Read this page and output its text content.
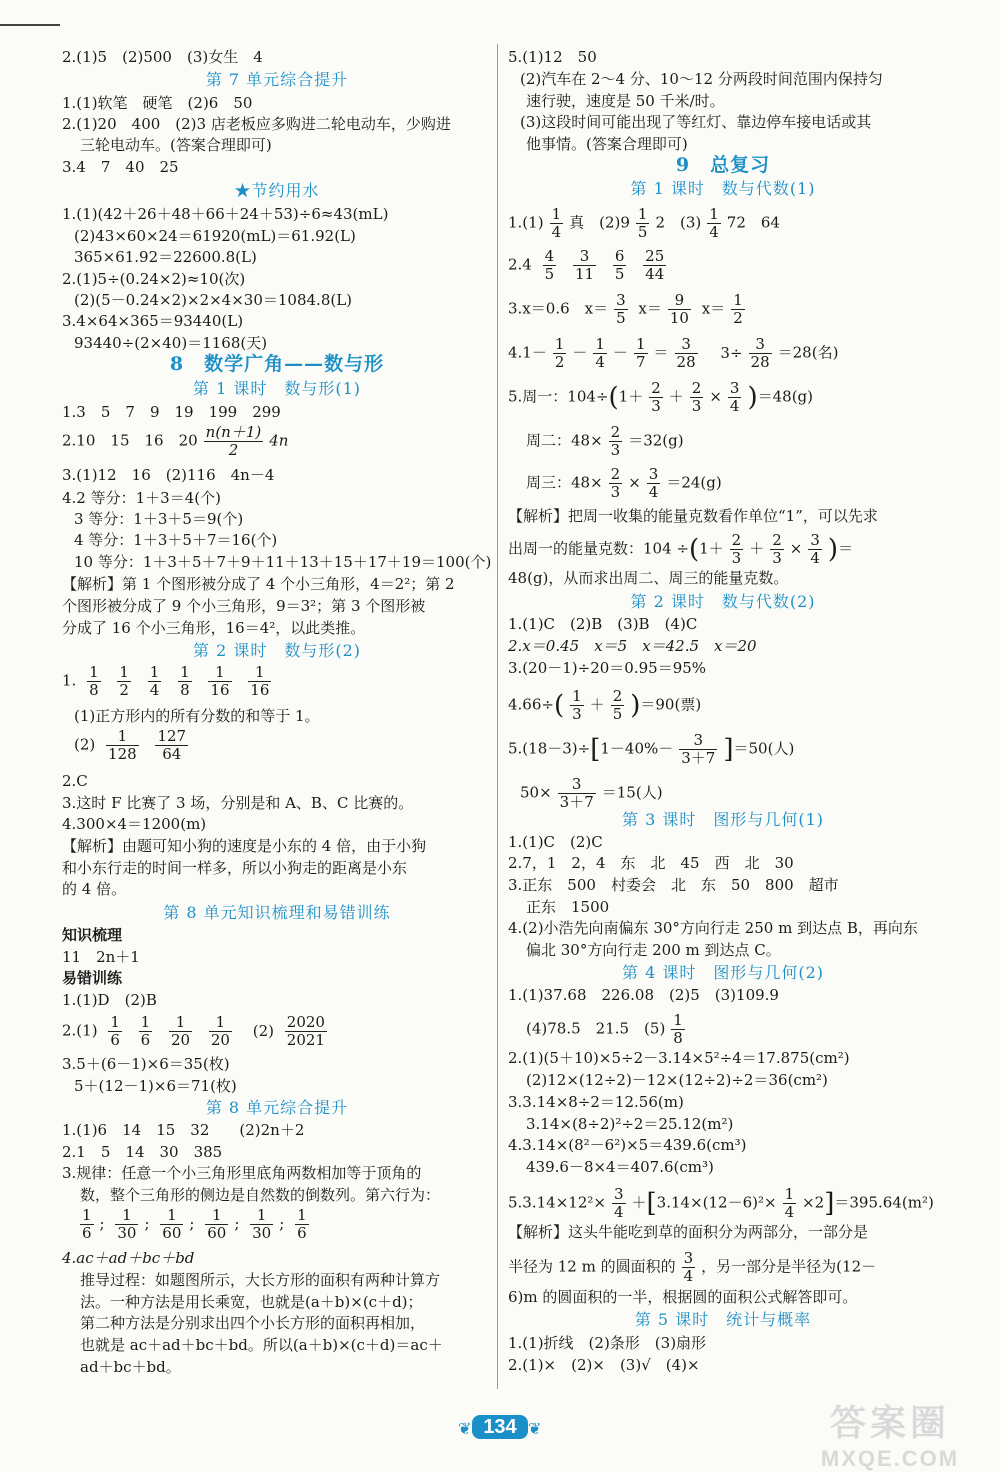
2.(1)5　(2)500　(3)女生　4
第 7 单元综合提升
1.(1)软笔　硬笔　(2)6　50
2.(1)20　400　(2)3 店老板应多购进二轮电动车，少购进
三轮电动车。(答案合理即可)
3.4　7　40　25
★节约用水
1.(1)(42＋26＋48＋66＋24＋53)÷6≈43(mL)
(2)43×60×24＝61920(mL)＝61.92(L)
365×61.92＝22600.8(L)
2.(1)5÷(0.24×2)≈10(次)
(2)(5－0.24×2)×2×4×30＝1084.8(L)
3.4×64×365＝93440(L)
93440÷(2×40)＝1168(天)
8　数学广角——数与形
第 1 课时　数与形(1)
1.3　5　7　9　19　199　299
2.10　15　16　$20 \frac{n(n+1)}{2} 4n$
3.(1)12　16　(2)116　4n－4
4.2 等分：1＋3＝4(个)
3 等分：1＋3＋5＝9(个)
4 等分：1＋3＋5＋7＝16(个)
10 等分：1＋3＋5＋7＋9＋11＋13＋15＋17＋19＝100(个)
【解析】第 1 个图形被分成了 4 个小三角形，4＝2²；第 2
个图形被分成了 9 个小三角形，9＝3²；第 3 个图形被
分成了 16 个小三角形，16＝4²，以此类推。
第 2 课时　数与形(2)
1. $\frac{1}{8}$
$\frac{1}{2}$
$\frac{1}{4}$
$\frac{1}{8}$
$\frac{1}{16}$
$\frac{1}{16}$
(1)正方形内的所有分数的和等于 1。
$(2) \frac{1}{128}$
$\frac{127}{64}$
2.C
3.这时 F 比赛了 3 场，分别是和 A、B、C 比赛的。
4.300×4＝1200(m)
【解析】由题可知小狗的速度是小东的 4 倍，由于小狗
和小东行走的时间一样多，所以小狗走的距离是小东
的 4 倍。
第 8 单元知识梳理和易错训练
知识梳理
11　2n＋1
易错训练
1.(1)D　(2)B
$2.(1) \frac{1}{6}$
$\frac{1}{6}$
$\frac{1}{20}$
$\frac{1}{20} (2) \frac{2020}{2021}$
3.5＋(6－1)×6＝35(枚)
5＋(12－1)×6＝71(枚)
第 8 单元综合提升
1.(1)6　14　15　32　　(2)2n＋2
2.1　5　14　30　385
3.规律：任意一个小三角形里底角两数相加等于顶角的
数，整个三角形的侧边是自然数的倒数列。第六行为：
$\frac{1}{6}$ ; $\frac{1}{30}$ ; $\frac{1}{60}$ ; $\frac{1}{60}$ ; $\frac{1}{30}$ ; $\frac{1}{6}$
4.ac＋ad＋bc＋bd
推导过程：如题图所示，大长方形的面积有两种计算方
法。一种方法是用长乘宽，也就是(a＋b)×(c＋d)；
第二种方法是分别求出四个小长方形的面积再相加，
也就是 ac＋ad＋bc＋bd。所以(a＋b)×(c＋d)＝ac＋
ad＋bc＋bd。
5.(1)12　50
(2)汽车在 2～4 分、10～12 分两段时间范围内保持匀
速行驶，速度是 50 千米/时。
(3)这段时间可能出现了等红灯、靠边停车接电话或其
他事情。(答案合理即可)
9　总复习
第 1 课时　数与代数(1)
$1.(1) \frac{1}{4}$ 真　$(2)9 \frac{1}{5} 2$　$(3) \frac{1}{4} 72$　64
$2.4 \frac{4}{5}$
$\frac{3}{11}$
$\frac{6}{5}$
$\frac{25}{44}$
3.x＝0.6　$x= \frac{3}{5} x= \frac{9}{10} x= \frac{1}{2}$
$4.1- \frac{1}{2} - \frac{1}{4} - \frac{1}{7} = \frac{3}{28} 3\div \frac{3}{28} =28$(名)
5.周一：$104\div(1+ \frac{2}{3} + \frac{2}{3} \times \frac{3}{4} )=48(g)$
周二：$48\times \frac{2}{3} =32(g)$
周三：$48\times \frac{2}{3} \times \frac{3}{4} =24(g)$
【解析】把周一收集的能量克数看作单位“1”，可以先求
出周一的能量克数：$104 \div(1+ \frac{2}{3} + \frac{2}{3} \times \frac{3}{4}$ )＝
48(g)，从而求出周二、周三的能量克数。
第 2 课时　数与代数(2)
1.(1)C　(2)B　(3)B　(4)C
2.x＝0.45　x＝5　x＝42.5　x＝20
3.(20－1)÷20＝0.95＝95%
$4.66\div( \frac{1}{3} + \frac{2}{5} )=90$(票)
$5.(18-3)\div[1-40\%- \frac{3}{3+7} ]=50$(人)
$50\times \frac{3}{3+7} =15$(人)
第 3 课时　图形与几何(1)
1.(1)C　(2)C
2.7，1　2，4　东　北　45　西　北　30
3.正东　500　村委会　北　东　50　800　超市
正东　1500
4.(2)小浩先向南偏东 30°方向行走 250 m 到达点 B，再向东
偏北 30°方向行走 200 m 到达点 C。
第 4 课时　图形与几何(2)
1.(1)37.68　226.08　(2)5　(3)109.9
(4)78.5　21.5　$(5) \frac{1}{8}$
2.(1)(5＋10)×5÷2－3.14×5²÷4＝17.875(cm²)
(2)12×(12÷2)－12×(12÷2)÷2＝36(cm²)
3.3.14×8÷2＝12.56(m)
3.14×(8÷2)²÷2＝25.12(m²)
4.3.14×(8²－6²)×5＝439.6(cm³)
439.6－8×4＝407.6(cm³)
$5.3.14\times 12^2\times \frac{3}{4} +[3.14\times(12-6)^2\times \frac{1}{4} \times 2]=395.64(m^2)$
【解析】这头牛能吃到草的面积分为两部分，一部分是
半径为 12 m 的圆面积的 $\frac{3}{4}$ ，另一部分是半径为(12－
6)m 的圆面积的一半，根据圆的面积公式解答即可。
第 5 课时　统计与概率
1.(1)折线　(2)条形　(3)扇形
2.(1)×　(2)×　(3)√　(4)×
❦ 134 ❦	答案圈
MXQE.COM
